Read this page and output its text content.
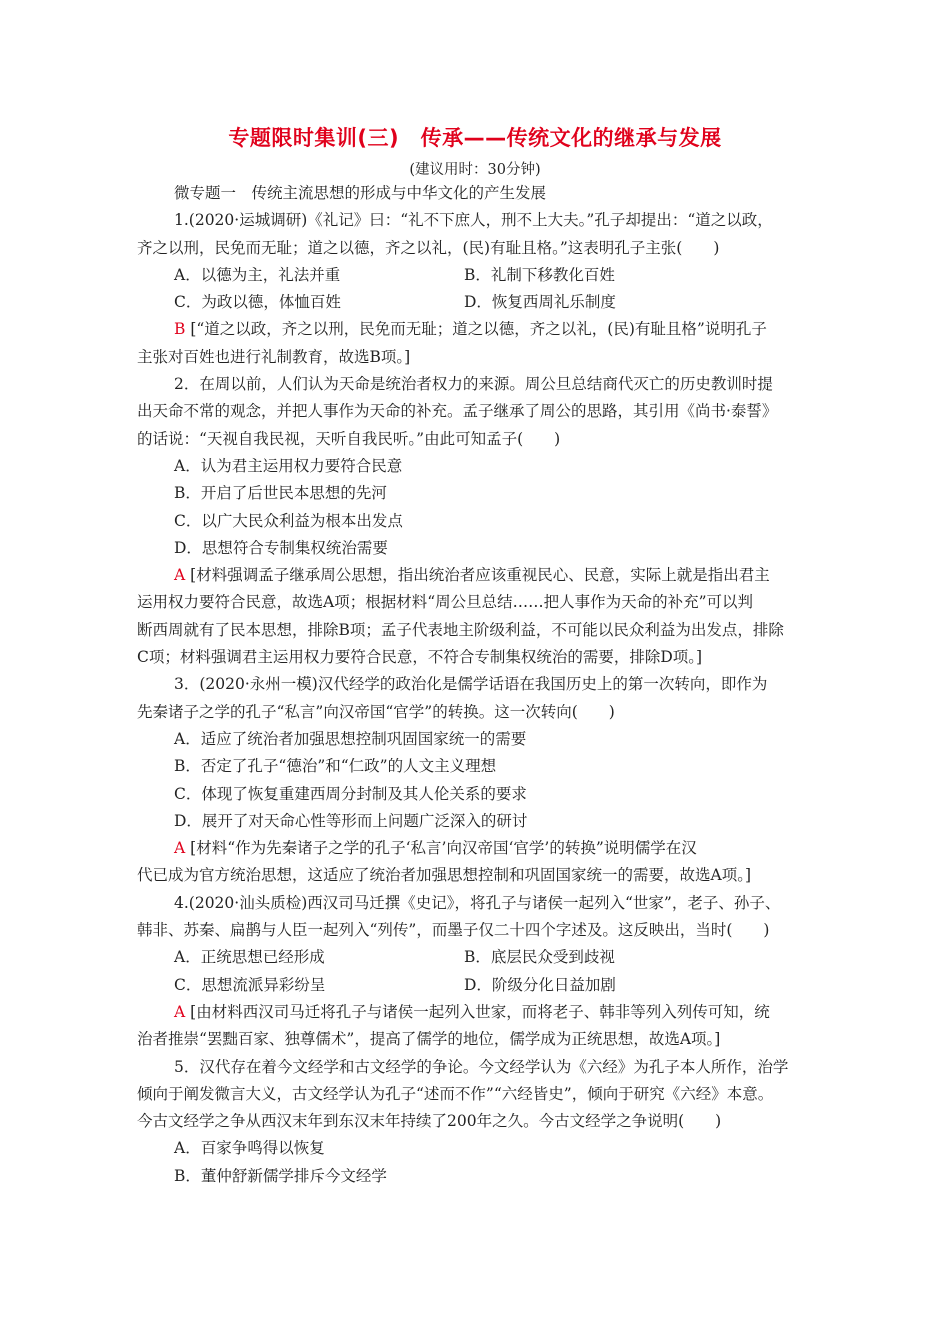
专题限时集训(三)　传承——传统文化的继承与发展
(建议用时：30分钟)
微专题一　传统主流思想的形成与中华文化的产生发展
1.(2020·运城调研)《礼记》曰：“礼不下庶人，刑不上大夫。”孔子却提出：“道之以政，
齐之以刑，民免而无耻；道之以德，齐之以礼，(民)有耻且格。”这表明孔子主张(　　)
A．以德为主，礼法并重	B．礼制下移教化百姓
C．为政以德，体恤百姓	D．恢复西周礼乐制度
B [“道之以政，齐之以刑，民免而无耻；道之以德，齐之以礼，(民)有耻且格”说明孔子
主张对百姓也进行礼制教育，故选B项。]
2．在周以前，人们认为天命是统治者权力的来源。周公旦总结商代灭亡的历史教训时提
出天命不常的观念，并把人事作为天命的补充。孟子继承了周公的思路，其引用《尚书·泰誓》
的话说：“天视自我民视，天听自我民听。”由此可知孟子(　　)
A．认为君主运用权力要符合民意
B．开启了后世民本思想的先河
C．以广大民众利益为根本出发点
D．思想符合专制集权统治需要
A [材料强调孟子继承周公思想，指出统治者应该重视民心、民意，实际上就是指出君主
运用权力要符合民意，故选A项；根据材料“周公旦总结……把人事作为天命的补充”可以判
断西周就有了民本思想，排除B项；孟子代表地主阶级利益，不可能以民众利益为出发点，排除
C项；材料强调君主运用权力要符合民意，不符合专制集权统治的需要，排除D项。]
3．(2020·永州一模)汉代经学的政治化是儒学话语在我国历史上的第一次转向，即作为
先秦诸子之学的孔子“私言”向汉帝国“官学”的转换。这一次转向(　　)
A．适应了统治者加强思想控制巩固国家统一的需要
B．否定了孔子“德治”和“仁政”的人文主义理想
C．体现了恢复重建西周分封制及其人伦关系的要求
D．展开了对天命心性等形而上问题广泛深入的研讨
A [材料“作为先秦诸子之学的孔子‘私言’向汉帝国‘官学’的转换”说明儒学在汉
代已成为官方统治思想，这适应了统治者加强思想控制和巩固国家统一的需要，故选A项。]
4.(2020·汕头质检)西汉司马迁撰《史记》，将孔子与诸侯一起列入“世家”，老子、孙子、
韩非、苏秦、扁鹊与人臣一起列入“列传”，而墨子仅二十四个字述及。这反映出，当时(　　)
A．正统思想已经形成	B．底层民众受到歧视
C．思想流派异彩纷呈	D．阶级分化日益加剧
A [由材料西汉司马迁将孔子与诸侯一起列入世家，而将老子、韩非等列入列传可知，统
治者推崇“罢黜百家、独尊儒术”，提高了儒学的地位，儒学成为正统思想，故选A项。]
5．汉代存在着今文经学和古文经学的争论。今文经学认为《六经》为孔子本人所作，治学
倾向于阐发微言大义，古文经学认为孔子“述而不作”“六经皆史”，倾向于研究《六经》本意。
今古文经学之争从西汉末年到东汉末年持续了200年之久。今古文经学之争说明(　　)
A．百家争鸣得以恢复
B．董仲舒新儒学排斥今文经学
